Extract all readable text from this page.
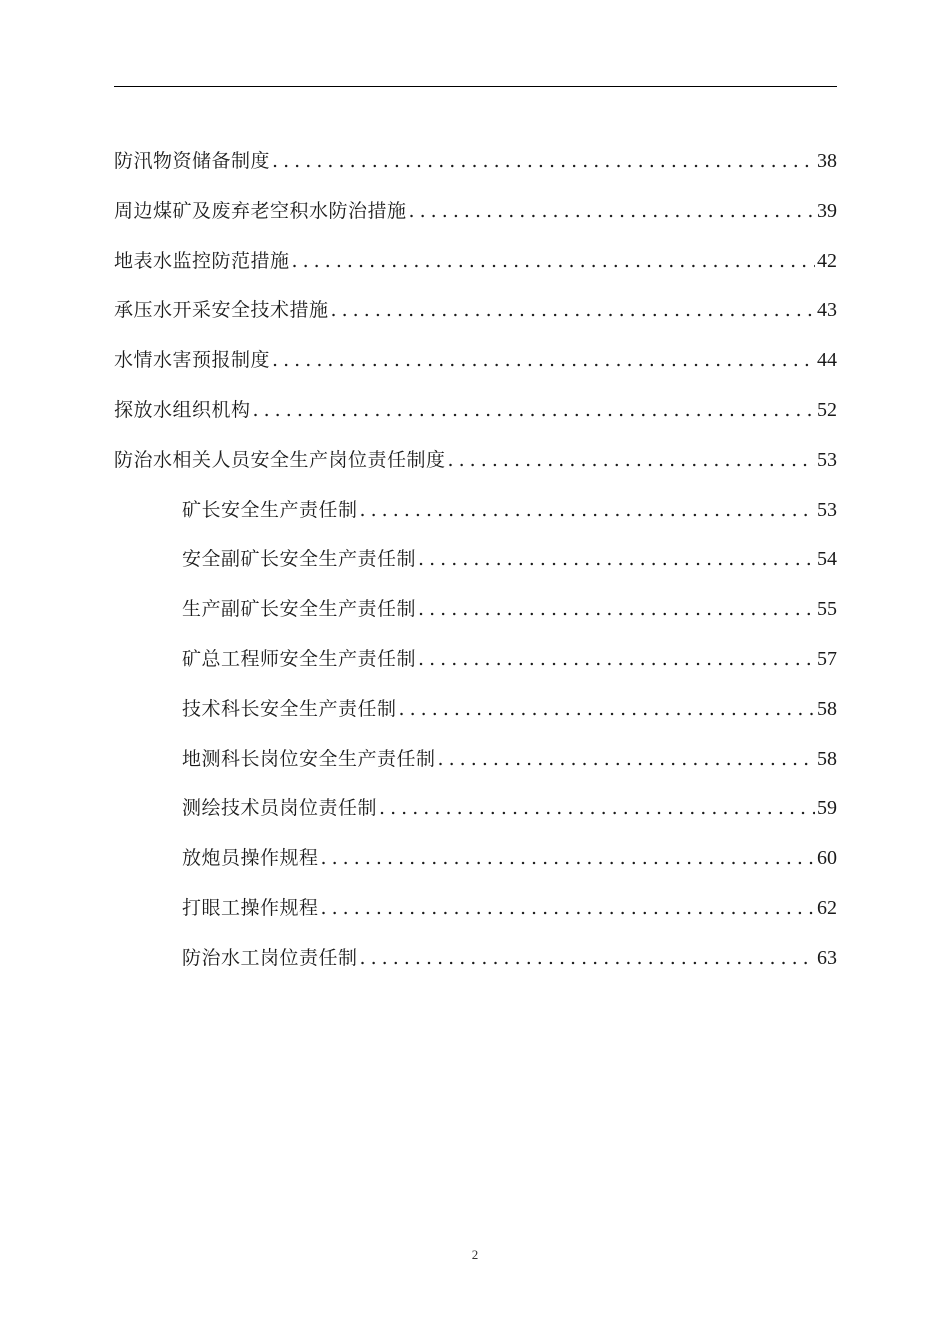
防汛物资储备制度 . . .	38
周边煤矿及废弃老空积水防治措施 . . .	39
地表水监控防范措施 . . .	42
承压水开采安全技术措施 . . .	43
水情水害预报制度 . . .	44
探放水组织机构 . . .	52
防治水相关人员安全生产岗位责任制度 . . .	53
矿长安全生产责任制 . . .	53
安全副矿长安全生产责任制 . . .	54
生产副矿长安全生产责任制 . . .	55
矿总工程师安全生产责任制 . . .	57
技术科长安全生产责任制 . . .	58
地测科长岗位安全生产责任制 . . .	58
测绘技术员岗位责任制 . . .	59
放炮员操作规程 . . .	60
打眼工操作规程 . . .	62
防治水工岗位责任制 . . .	63
2
